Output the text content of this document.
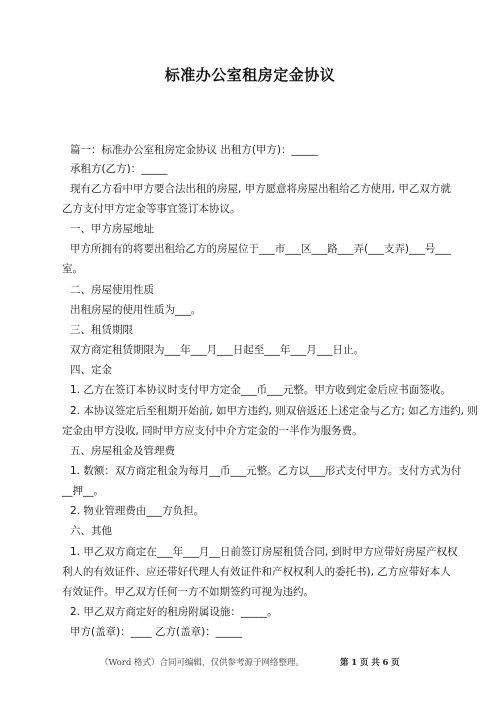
标准办公室租房定金协议
篇一：标准办公室租房定金协议 出租方(甲方)：_____
承租方(乙方)：_____
现有乙方看中甲方要合法出租的房屋, 甲方愿意将房屋出租给乙方使用, 甲乙双方就
乙方支付甲方定金等事宜签订本协议。
一、甲方房屋地址
甲方所拥有的将要出租给乙方的房屋位于___市___区___路___弄(___支弄)___号___
室。
二、房屋使用性质
出租房屋的使用性质为___。
三、租赁期限
双方商定租赁期限为___年___月___日起至___年___月___日止。
四、定金
1. 乙方在签订本协议时支付甲方定金___币___元整。甲方收到定金后应书面签收。
2. 本协议签定后至租期开始前, 如甲方违约, 则双倍返还上述定金与乙方; 如乙方违约, 则
定金由甲方没收, 同时甲方应支付中介方定金的一半作为服务费。
五、房屋租金及管理费
1. 数额：双方商定租金为每月__币___元整。乙方以___形式支付甲方。支付方式为付
__押__。
2. 物业管理费由___方负担。
六、其他
1. 甲乙双方商定在___年___月__日前签订房屋租赁合同, 到时甲方应带好房屋产权权
利人的有效证件、应还带好代理人有效证件和产权权利人的委托书), 乙方应带好本人
有效证件。甲乙双方任何一方不如期签约可视为违约。
2. 甲乙双方商定好的租房附属设施：_____。
甲方(盖章)：____ 乙方(盖章)：_____
（Word 格式）合同可编辑，仅供参考源于网络整理。	第 1 页 共 6 页
